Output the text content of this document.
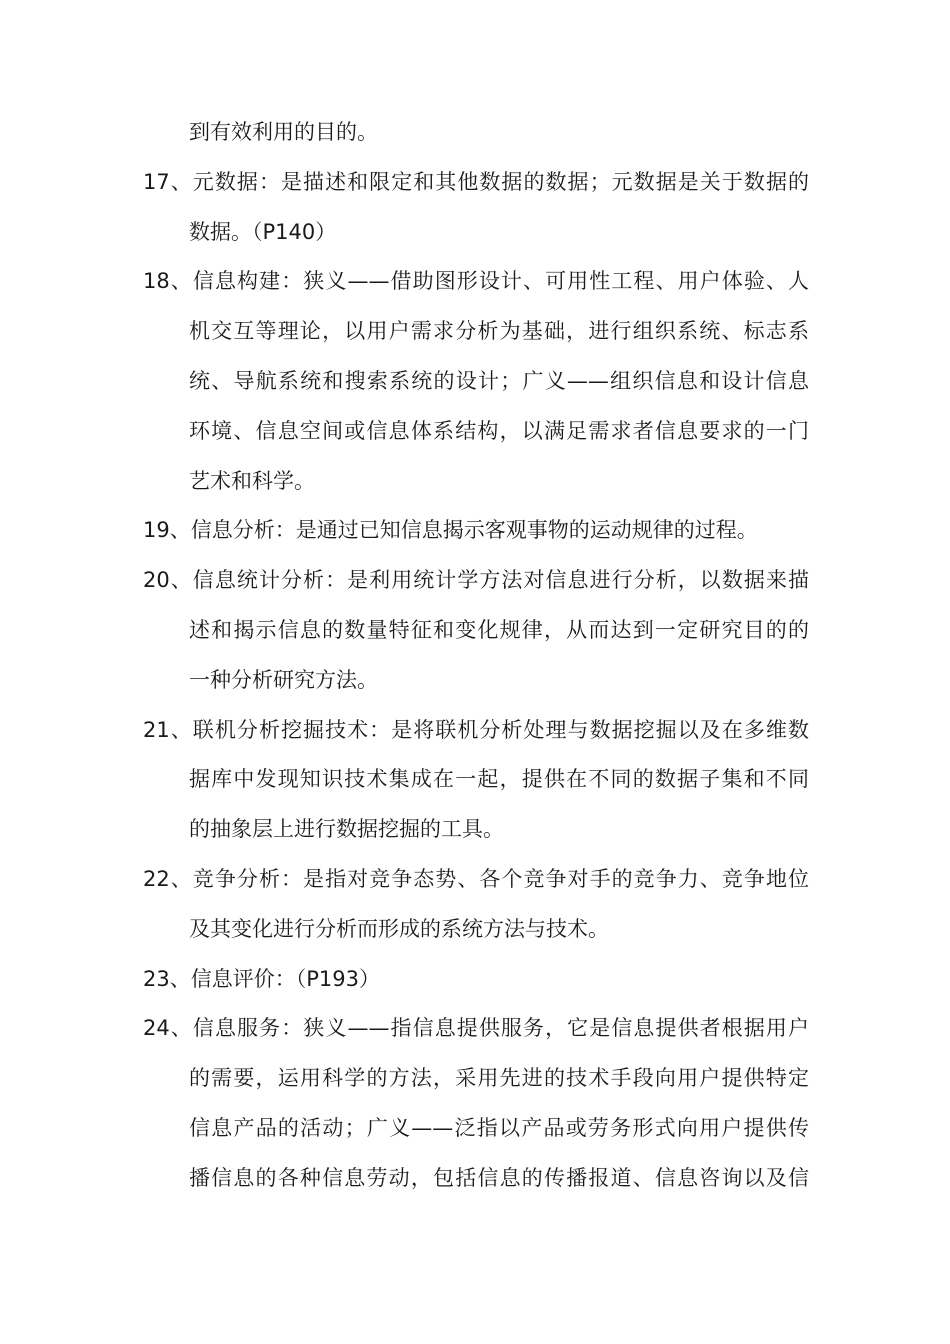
到有效利用的目的。
17、元数据：是描述和限定和其他数据的数据；元数据是关于数据的
数据。（P140）
18、信息构建：狭义——借助图形设计、可用性工程、用户体验、人
机交互等理论，以用户需求分析为基础，进行组织系统、标志系
统、导航系统和搜索系统的设计；广义——组织信息和设计信息
环境、信息空间或信息体系结构，以满足需求者信息要求的一门
艺术和科学。
19、信息分析：是通过已知信息揭示客观事物的运动规律的过程。
20、信息统计分析：是利用统计学方法对信息进行分析，以数据来描
述和揭示信息的数量特征和变化规律，从而达到一定研究目的的
一种分析研究方法。
21、联机分析挖掘技术：是将联机分析处理与数据挖掘以及在多维数
据库中发现知识技术集成在一起，提供在不同的数据子集和不同
的抽象层上进行数据挖掘的工具。
22、竞争分析：是指对竞争态势、各个竞争对手的竞争力、竞争地位
及其变化进行分析而形成的系统方法与技术。
23、信息评价：（P193）
24、信息服务：狭义——指信息提供服务，它是信息提供者根据用户
的需要，运用科学的方法，采用先进的技术手段向用户提供特定
信息产品的活动；广义——泛指以产品或劳务形式向用户提供传
播信息的各种信息劳动，包括信息的传播报道、信息咨询以及信
